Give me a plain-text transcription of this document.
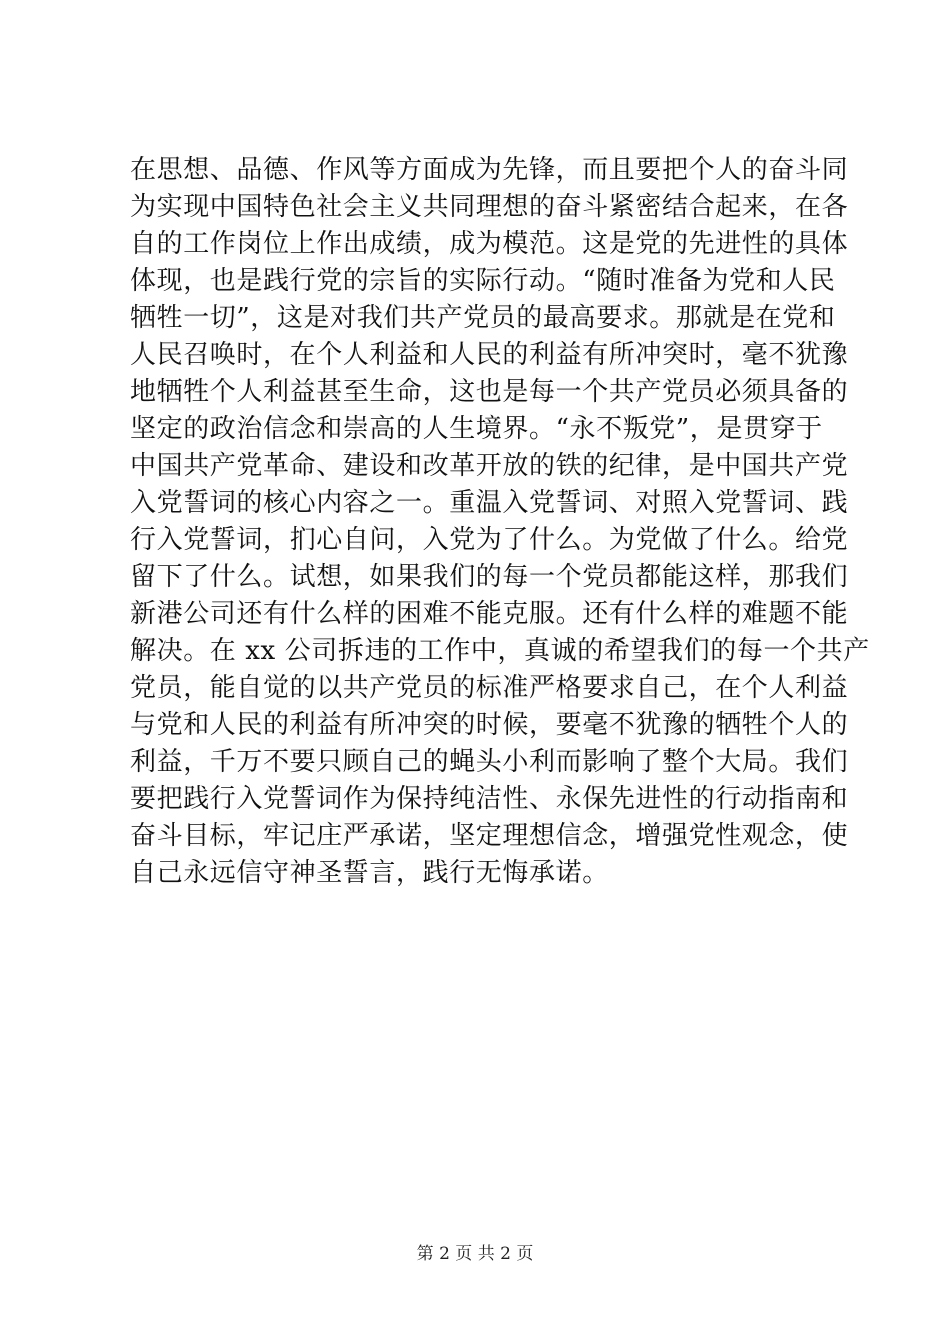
在思想、品德、作风等方面成为先锋，而且要把个人的奋斗同
为实现中国特色社会主义共同理想的奋斗紧密结合起来，在各
自的工作岗位上作出成绩，成为模范。这是党的先进性的具体
体现，也是践行党的宗旨的实际行动。“随时准备为党和人民
牺牲一切”，这是对我们共产党员的最高要求。那就是在党和
人民召唤时，在个人利益和人民的利益有所冲突时，毫不犹豫
地牺牲个人利益甚至生命，这也是每一个共产党员必须具备的
坚定的政治信念和崇高的人生境界。“永不叛党”，是贯穿于
中国共产党革命、建设和改革开放的铁的纪律，是中国共产党
入党誓词的核心内容之一。重温入党誓词、对照入党誓词、践
行入党誓词，扪心自问，入党为了什么。为党做了什么。给党
留下了什么。试想，如果我们的每一个党员都能这样，那我们
新港公司还有什么样的困难不能克服。还有什么样的难题不能
解决。在 xx 公司拆违的工作中，真诚的希望我们的每一个共产
党员，能自觉的以共产党员的标准严格要求自己，在个人利益
与党和人民的利益有所冲突的时候，要毫不犹豫的牺牲个人的
利益，千万不要只顾自己的蝇头小利而影响了整个大局。我们
要把践行入党誓词作为保持纯洁性、永保先进性的行动指南和
奋斗目标，牢记庄严承诺，坚定理想信念，增强党性观念，使
自己永远信守神圣誓言，践行无悔承诺。
第 2 页 共 2 页
